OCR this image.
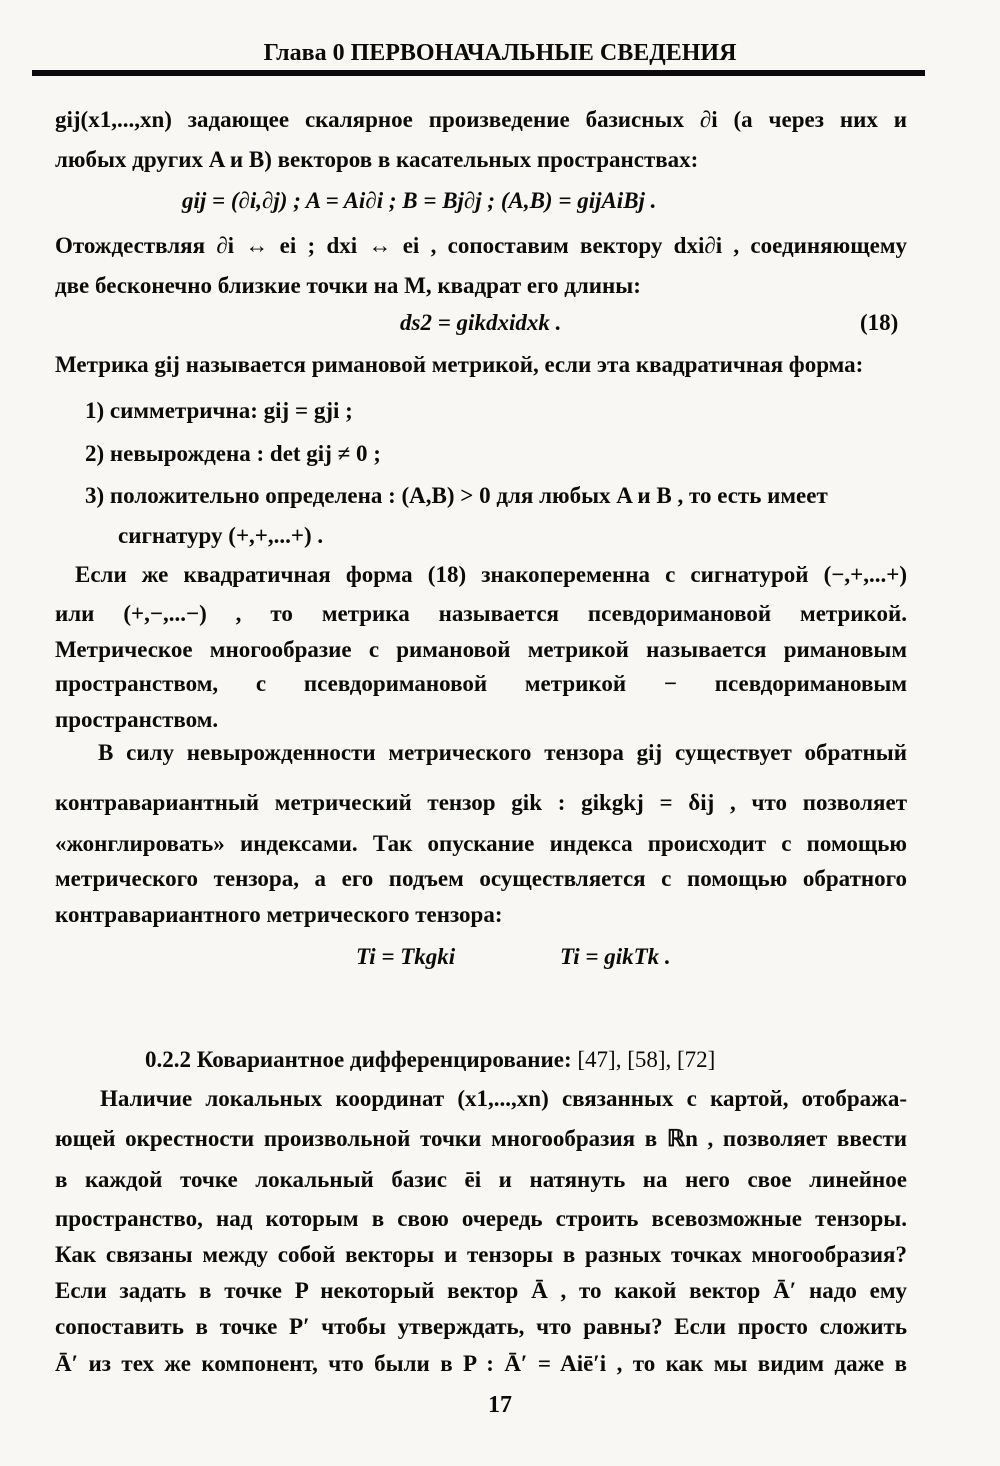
Глава 0 ПЕРВОНАЧАЛЬНЫЕ СВЕДЕНИЯ
gij(x1,...,xn) задающее скалярное произведение базисных ∂i (а через них и
любых других A и B) векторов в касательных пространствах:
gij = (∂i,∂j) ; A = Ai∂i ; B = Bj∂j ; (A,B) = gijAiBj .
Отождествляя ∂i ↔ ei ; dxi ↔ ei , сопоставим вектору dxi∂i , соединяющему
две бесконечно близкие точки на M, квадрат его длины:
ds2 = gikdxidxk .	(18)
Метрика gij называется римановой метрикой, если эта квадратичная форма:
1) симметрична: gij = gji ;
2) невырождена : det gij ≠ 0 ;
3) положительно определена : (A,B) > 0 для любых A и B , то есть имеет
сигнатуру (+,+,...+) .
Если же квадратичная форма (18) знакопеременна с сигнатурой (−,+,...+)
или (+,−,...−) , то метрика называется псевдоримановой метрикой.
Метрическое многообразие с римановой метрикой называется римановым
пространством, с псевдоримановой метрикой − псевдоримановым
пространством.
В силу невырожденности метрического тензора gij существует обратный
контравариантный метрический тензор gik : gikgkj = δij , что позволяет
«жонглировать» индексами. Так опускание индекса происходит с помощью
метрического тензора, а его подъем осуществляется с помощью обратного
контравариантного метрического тензора:
Ti = Tkgki	Ti = gikTk .
0.2.2 Ковариантное дифференцирование: [47], [58], [72]
Наличие локальных координат (x1,...,xn) связанных с картой, отобража-
ющей окрестности произвольной точки многообразия в ℝn , позволяет ввести
в каждой точке локальный базис ēi и натянуть на него свое линейное
пространство, над которым в свою очередь строить всевозможные тензоры.
Как связаны между собой векторы и тензоры в разных точках многообразия?
Если задать в точке P некоторый вектор Ā , то какой вектор Ā′ надо ему
сопоставить в точке P′ чтобы утверждать, что равны? Если просто сложить
Ā′ из тех же компонент, что были в P : Ā′ = Aiē′i , то как мы видим даже в
17
